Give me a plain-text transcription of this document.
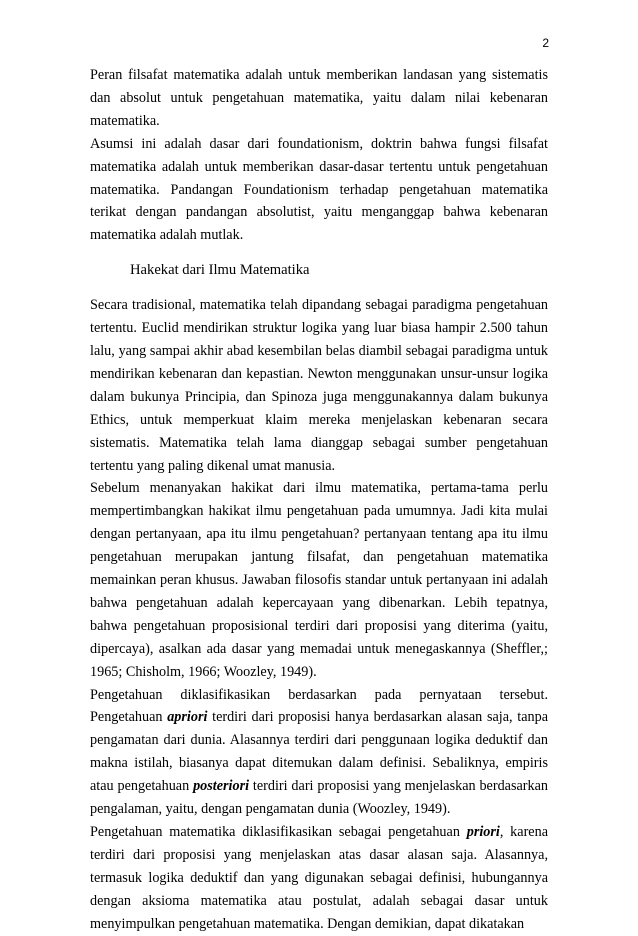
2

Peran filsafat matematika adalah untuk memberikan landasan yang sistematis dan absolut untuk pengetahuan matematika, yaitu dalam nilai kebenaran matematika.

Asumsi ini adalah dasar dari foundationism, doktrin bahwa fungsi filsafat matematika adalah untuk memberikan dasar-dasar tertentu untuk pengetahuan matematika. Pandangan Foundationism terhadap pengetahuan matematika terikat dengan pandangan absolutist, yaitu menganggap bahwa kebenaran matematika adalah mutlak.

Hakekat dari Ilmu Matematika

Secara tradisional, matematika telah dipandang sebagai paradigma pengetahuan tertentu. Euclid mendirikan struktur logika yang luar biasa hampir 2.500 tahun lalu, yang sampai akhir abad kesembilan belas diambil sebagai paradigma untuk mendirikan kebenaran dan kepastian. Newton menggunakan unsur-unsur logika dalam bukunya Principia, dan Spinoza juga menggunakannya dalam bukunya Ethics, untuk memperkuat klaim mereka menjelaskan kebenaran secara sistematis. Matematika telah lama dianggap sebagai sumber pengetahuan tertentu yang paling dikenal umat manusia.

Sebelum menanyakan hakikat dari ilmu matematika, pertama-tama perlu mempertimbangkan hakikat ilmu pengetahuan pada umumnya. Jadi kita mulai dengan pertanyaan, apa itu ilmu pengetahuan? pertanyaan tentang apa itu ilmu pengetahuan merupakan jantung filsafat, dan pengetahuan matematika memainkan peran khusus. Jawaban filosofis standar untuk pertanyaan ini adalah bahwa pengetahuan adalah kepercayaan yang dibenarkan. Lebih tepatnya, bahwa pengetahuan proposisional terdiri dari proposisi yang diterima (yaitu, dipercaya), asalkan ada dasar yang memadai untuk menegaskannya (Sheffler,; 1965; Chisholm, 1966; Woozley, 1949).

Pengetahuan diklasifikasikan berdasarkan pada pernyataan tersebut.

Pengetahuan apriori terdiri dari proposisi hanya berdasarkan alasan saja, tanpa pengamatan dari dunia. Alasannya terdiri dari penggunaan logika deduktif dan makna istilah, biasanya dapat ditemukan dalam definisi. Sebaliknya, empiris atau pengetahuan posteriori terdiri dari proposisi yang menjelaskan berdasarkan pengalaman, yaitu, dengan pengamatan dunia (Woozley, 1949).

Pengetahuan matematika diklasifikasikan sebagai pengetahuan priori, karena terdiri dari proposisi yang menjelaskan atas dasar alasan saja. Alasannya, termasuk logika deduktif dan yang digunakan sebagai definisi, hubungannya dengan aksioma matematika atau postulat, adalah sebagai dasar untuk menyimpulkan pengetahuan matematika. Dengan demikian, dapat dikatakan
